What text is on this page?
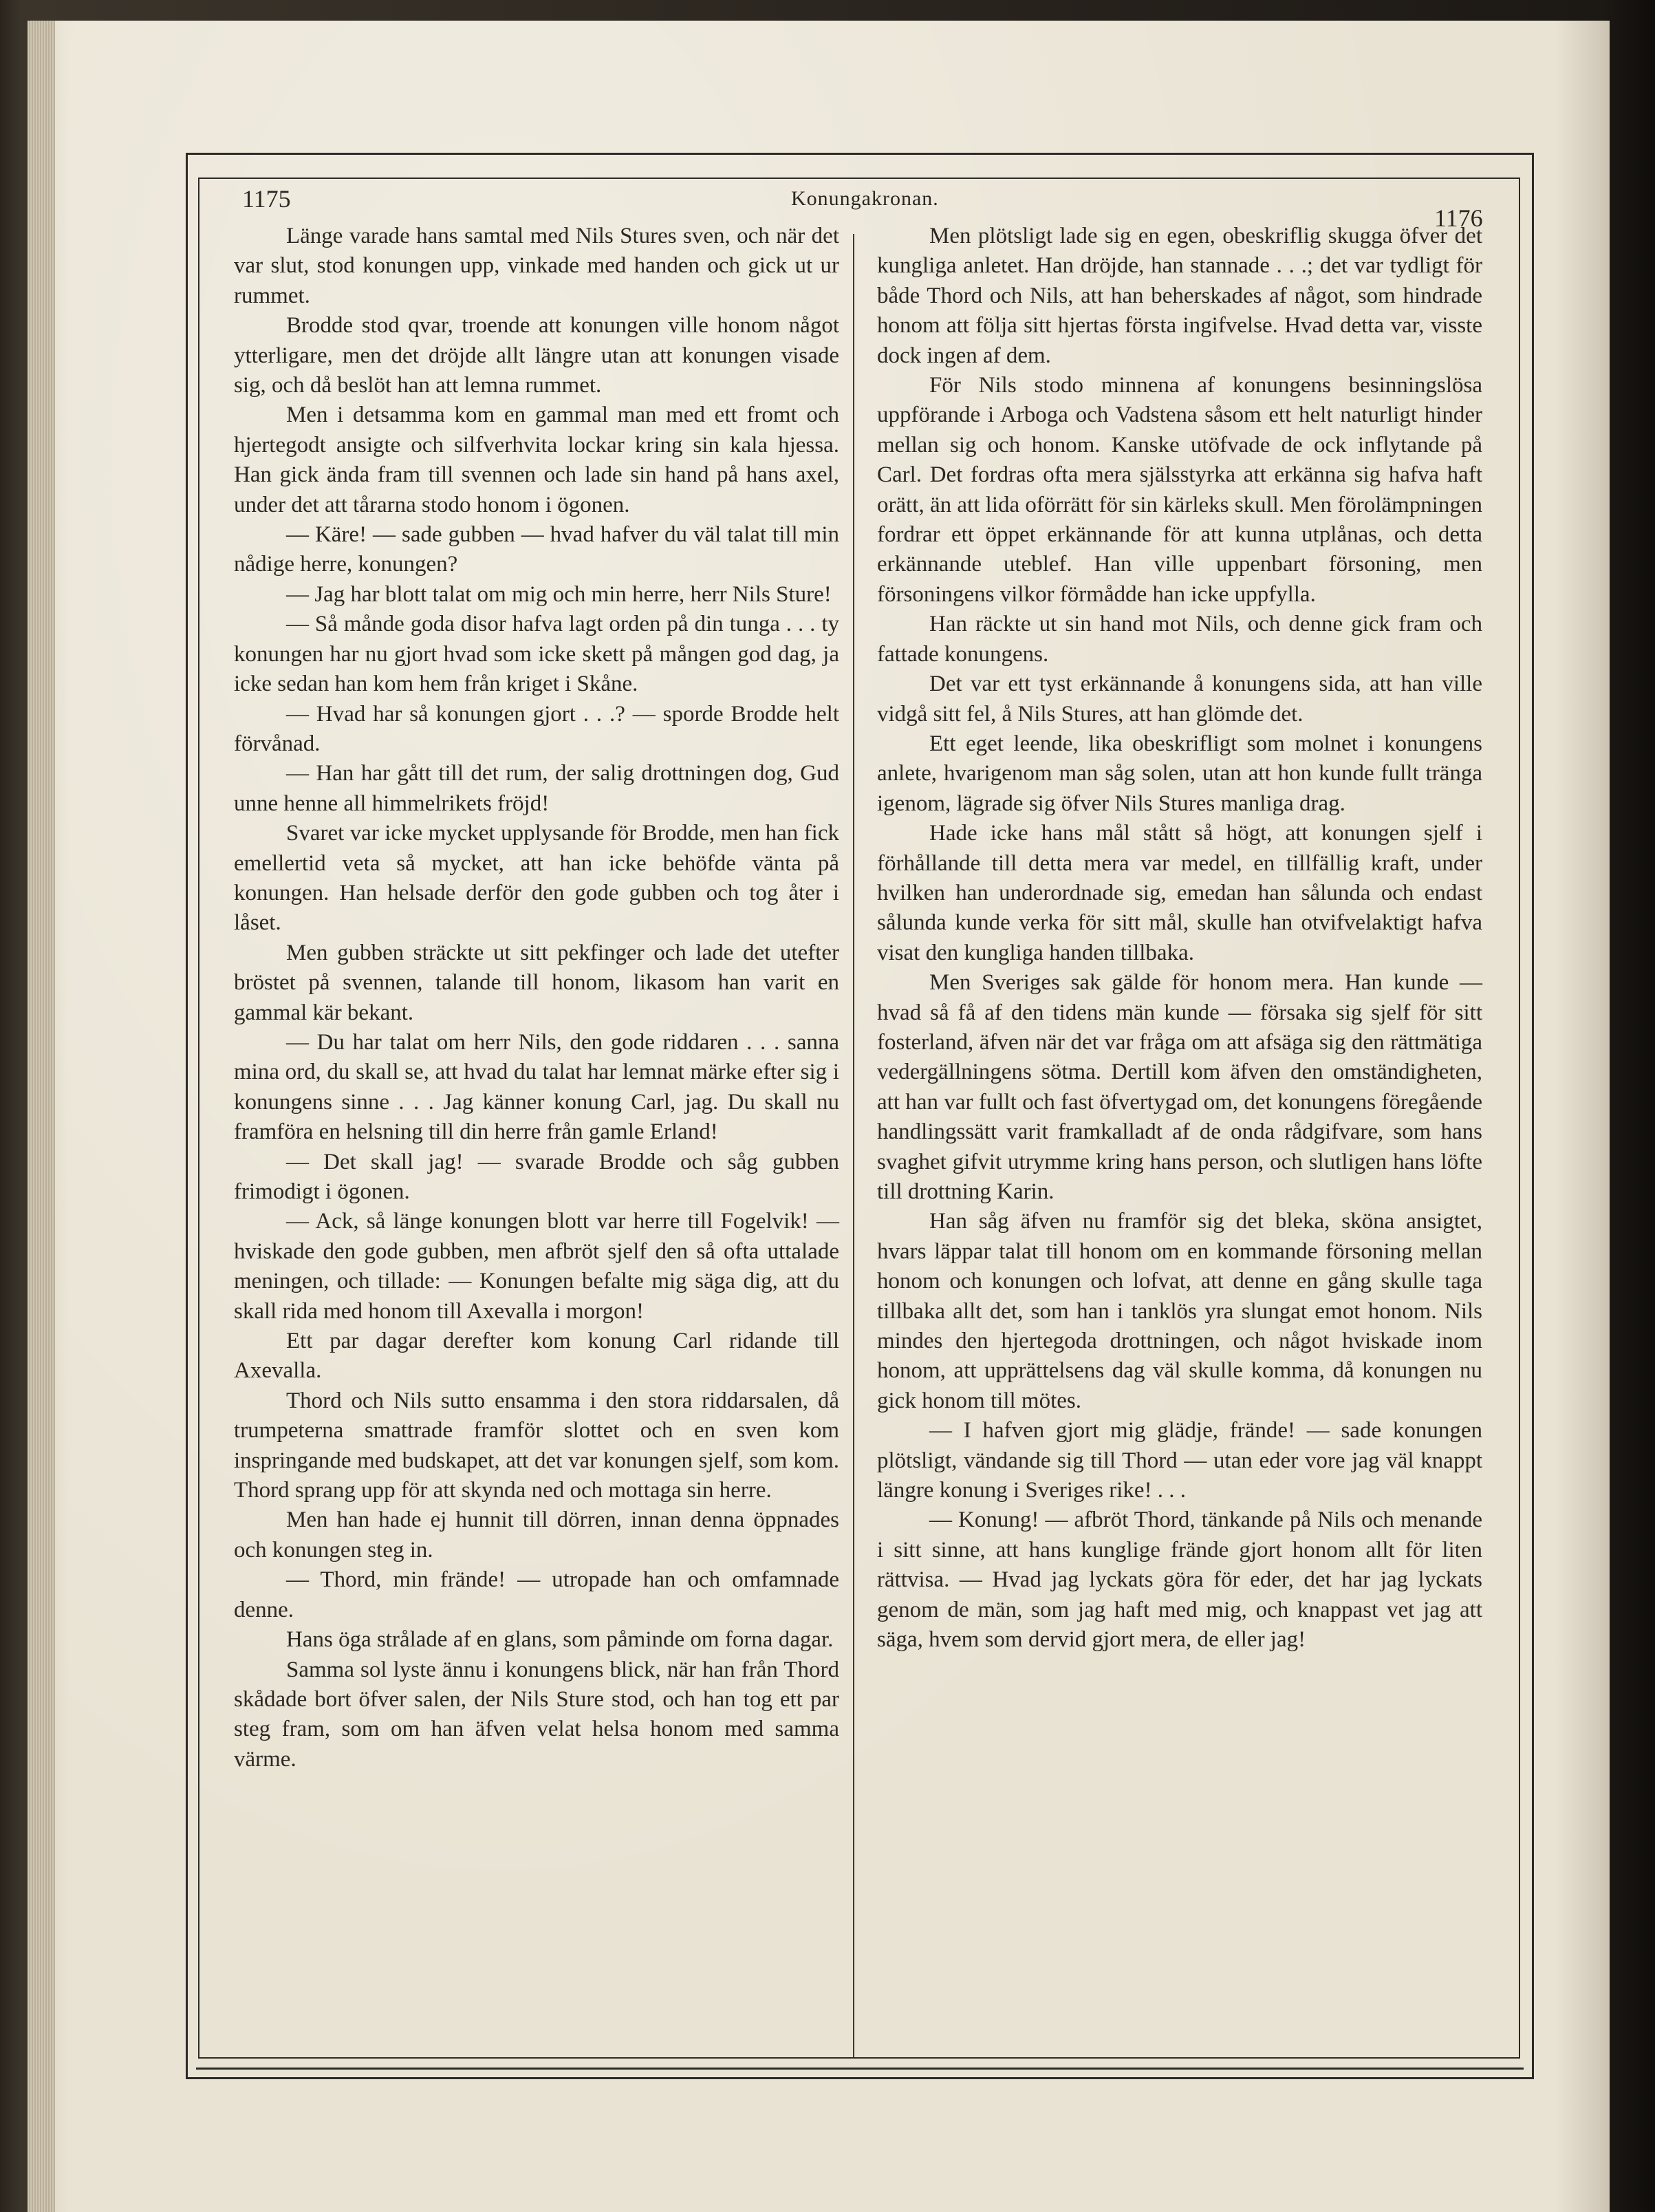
1175	Konungakronan.
1176

Länge varade hans samtal med Nils Stures sven, och när det var slut, stod konungen upp, vinkade med handen och gick ut ur rummet.

Brodde stod qvar, troende att konungen ville honom något ytterligare, men det dröjde allt längre utan att konungen visade sig, och då beslöt han att lemna rummet.

Men i detsamma kom en gammal man med ett fromt och hjertegodt ansigte och silfverhvita lockar kring sin kala hjessa. Han gick ända fram till svennen och lade sin hand på hans axel, under det att tårarna stodo honom i ögonen.

— Käre! — sade gubben — hvad hafver du väl talat till min nådige herre, konungen?

— Jag har blott talat om mig och min herre, herr Nils Sture!

— Så månde goda disor hafva lagt orden på din tunga . . . ty konungen har nu gjort hvad som icke skett på mången god dag, ja icke sedan han kom hem från kriget i Skåne.

— Hvad har så konungen gjort . . .? — sporde Brodde helt förvånad.

— Han har gått till det rum, der salig drottningen dog, Gud unne henne all himmelrikets fröjd!

Svaret var icke mycket upplysande för Brodde, men han fick emellertid veta så mycket, att han icke behöfde vänta på konungen. Han helsade derför den gode gubben och tog åter i låset.

Men gubben sträckte ut sitt pekfinger och lade det utefter bröstet på svennen, talande till honom, likasom han varit en gammal kär bekant.

— Du har talat om herr Nils, den gode riddaren . . . sanna mina ord, du skall se, att hvad du talat har lemnat märke efter sig i konungens sinne . . . Jag känner konung Carl, jag. Du skall nu framföra en helsning till din herre från gamle Erland!

— Det skall jag! — svarade Brodde och såg gubben frimodigt i ögonen.

— Ack, så länge konungen blott var herre till Fogelvik! — hviskade den gode gubben, men afbröt sjelf den så ofta uttalade meningen, och tillade: — Konungen befalte mig säga dig, att du skall rida med honom till Axevalla i morgon!

Ett par dagar derefter kom konung Carl ridande till Axevalla.

Thord och Nils sutto ensamma i den stora riddarsalen, då trumpeterna smattrade framför slottet och en sven kom inspringande med budskapet, att det var konungen sjelf, som kom. Thord sprang upp för att skynda ned och mottaga sin herre.

Men han hade ej hunnit till dörren, innan denna öppnades och konungen steg in.

— Thord, min frände! — utropade han och omfamnade denne.

Hans öga strålade af en glans, som påminde om forna dagar.

Samma sol lyste ännu i konungens blick, när han från Thord skådade bort öfver salen, der Nils Sture stod, och han tog ett par steg fram, som om han äfven velat helsa honom med samma värme.

Men plötsligt lade sig en egen, obeskriflig skugga öfver det kungliga anletet. Han dröjde, han stannade . . .; det var tydligt för både Thord och Nils, att han beherskades af något, som hindrade honom att följa sitt hjertas första ingifvelse. Hvad detta var, visste dock ingen af dem.

För Nils stodo minnena af konungens besinningslösa uppförande i Arboga och Vadstena såsom ett helt naturligt hinder mellan sig och honom. Kanske utöfvade de ock inflytande på Carl. Det fordras ofta mera själsstyrka att erkänna sig hafva haft orätt, än att lida oförrätt för sin kärleks skull. Men förolämpningen fordrar ett öppet erkännande för att kunna utplånas, och detta erkännande uteblef. Han ville uppenbart försoning, men försoningens vilkor förmådde han icke uppfylla.

Han räckte ut sin hand mot Nils, och denne gick fram och fattade konungens.

Det var ett tyst erkännande å konungens sida, att han ville vidgå sitt fel, å Nils Stures, att han glömde det.

Ett eget leende, lika obeskrifligt som molnet i konungens anlete, hvarigenom man såg solen, utan att hon kunde fullt tränga igenom, lägrade sig öfver Nils Stures manliga drag.

Hade icke hans mål stått så högt, att konungen sjelf i förhållande till detta mera var medel, en tillfällig kraft, under hvilken han underordnade sig, emedan han sålunda och endast sålunda kunde verka för sitt mål, skulle han otvifvelaktigt hafva visat den kungliga handen tillbaka.

Men Sveriges sak gälde för honom mera. Han kunde — hvad så få af den tidens män kunde — försaka sig sjelf för sitt fosterland, äfven när det var fråga om att afsäga sig den rättmätiga vedergällningens sötma. Dertill kom äfven den omständigheten, att han var fullt och fast öfvertygad om, det konungens föregående handlingssätt varit framkalladt af de onda rådgifvare, som hans svaghet gifvit utrymme kring hans person, och slutligen hans löfte till drottning Karin.

Han såg äfven nu framför sig det bleka, sköna ansigtet, hvars läppar talat till honom om en kommande försoning mellan honom och konungen och lofvat, att denne en gång skulle taga tillbaka allt det, som han i tanklös yra slungat emot honom. Nils mindes den hjertegoda drottningen, och något hviskade inom honom, att upprättelsens dag väl skulle komma, då konungen nu gick honom till mötes.

— I hafven gjort mig glädje, frände! — sade konungen plötsligt, vändande sig till Thord — utan eder vore jag väl knappt längre konung i Sveriges rike! . . .

— Konung! — afbröt Thord, tänkande på Nils och menande i sitt sinne, att hans kunglige frände gjort honom allt för liten rättvisa. — Hvad jag lyckats göra för eder, det har jag lyckats genom de män, som jag haft med mig, och knappast vet jag att säga, hvem som dervid gjort mera, de eller jag!
